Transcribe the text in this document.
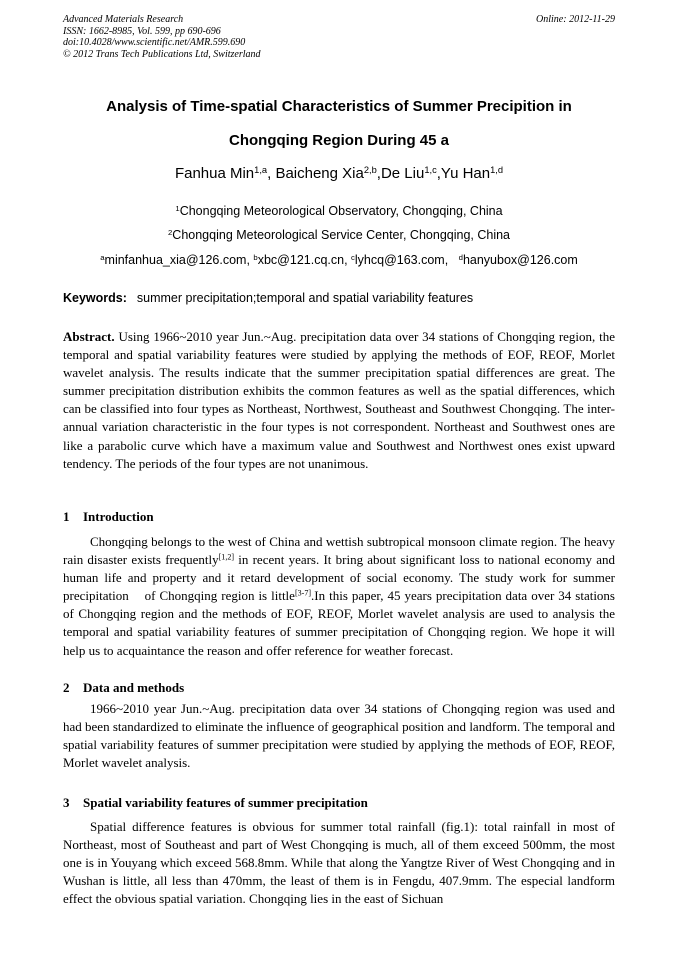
Advanced Materials Research
ISSN: 1662-8985, Vol. 599, pp 690-696
doi:10.4028/www.scientific.net/AMR.599.690
© 2012 Trans Tech Publications Ltd, Switzerland
Online: 2012-11-29
Analysis of Time-spatial Characteristics of Summer Precipition in
Chongqing Region During 45 a
Fanhua Min$^{1,a}$, Baicheng Xia$^{2,b}$,De Liu$^{1,c}$,Yu Han$^{1,d}$
$^1$Chongqing Meteorological Observatory, Chongqing, China
$^2$Chongqing Meteorological Service Center, Chongqing, China
$^a$minfanhua_xia@126.com, $^b$xbc@121.cq.cn, $^c$lyhcq@163.com,   $^d$hanyubox@126.com
Keywords: summer precipitation;temporal and spatial variability features
Abstract. Using 1966~2010 year Jun.~Aug. precipitation data over 34 stations of Chongqing region, the temporal and spatial variability features were studied by applying the methods of EOF, REOF, Morlet wavelet analysis. The results indicate that the summer precipitation spatial differences are great. The summer precipitation distribution exhibits the common features as well as the spatial differences, which can be classified into four types as Northeast, Northwest, Southeast and Southwest Chongqing. The inter-annual variation characteristic in the four types is not correspondent. Northeast and Southwest ones are like a parabolic curve which have a maximum value and Southwest and Northwest ones exist upward tendency. The periods of the four types are not unanimous.
1 Introduction
Chongqing belongs to the west of China and wettish subtropical monsoon climate region. The heavy rain disaster exists frequently[1,2] in recent years. It bring about significant loss to national economy and human life and property and it retard development of social economy. The study work for summer precipitation    of Chongqing region is little[3-7].In this paper, 45 years precipitation data over 34 stations of Chongqing region and the methods of EOF, REOF, Morlet wavelet analysis are used to analysis the temporal and spatial variability features of summer precipitation of Chongqing region. We hope it will help us to acquaintance the reason and offer reference for weather forecast.
2 Data and methods
1966~2010 year Jun.~Aug. precipitation data over 34 stations of Chongqing region was used and had been standardized to eliminate the influence of geographical position and landform. The temporal and spatial variability features of summer precipitation were studied by applying the methods of EOF, REOF, Morlet wavelet analysis.
3 Spatial variability features of summer precipitation
Spatial difference features is obvious for summer total rainfall (fig.1): total rainfall in most of Northeast, most of Southeast and part of West Chongqing is much, all of them exceed 500mm, the most one is in Youyang which exceed 568.8mm. While that along the Yangtze River of West Chongqing and in Wushan is little, all less than 470mm, the least of them is in Fengdu, 407.9mm. The especial landform effect the obvious spatial variation. Chongqing lies in the east of Sichuan
